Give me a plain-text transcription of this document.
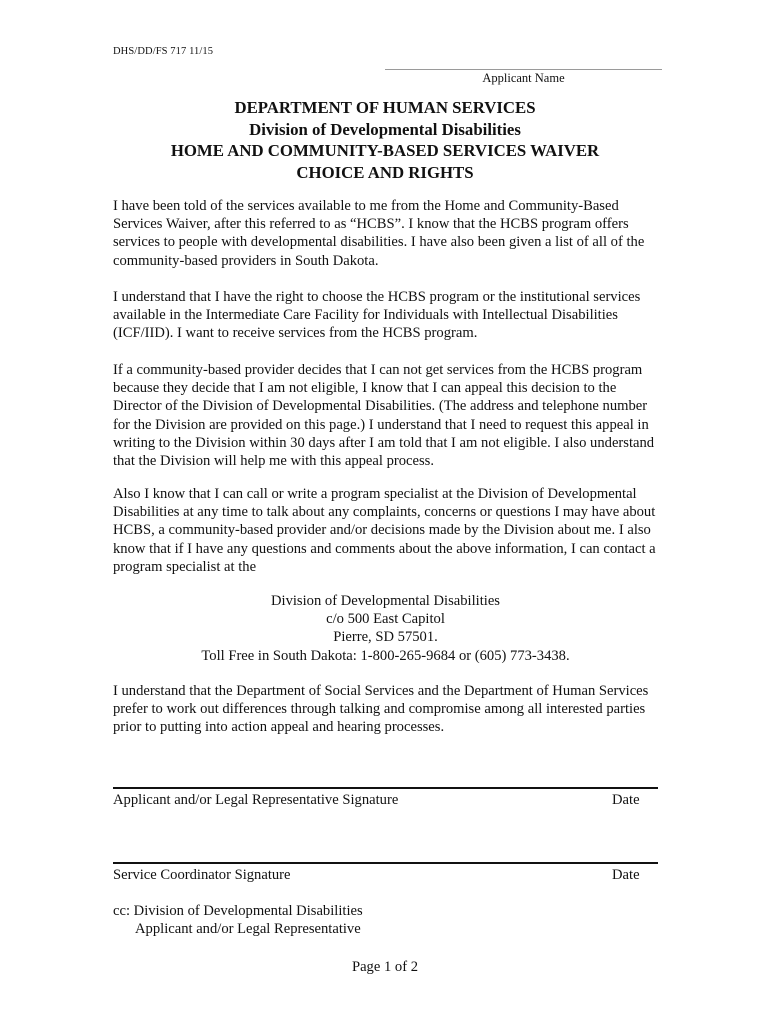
DHS/DD/FS 717 11/15
Applicant Name
DEPARTMENT OF HUMAN SERVICES
Division of Developmental Disabilities
HOME AND COMMUNITY-BASED SERVICES WAIVER
CHOICE AND RIGHTS

I have been told of the services available to me from the Home and Community-Based Services Waiver, after this referred to as “HCBS”. I know that the HCBS program offers services to people with developmental disabilities. I have also been given a list of all of the community-based providers in South Dakota.

I understand that I have the right to choose the HCBS program or the institutional services available in the Intermediate Care Facility for Individuals with Intellectual Disabilities (ICF/IID). I want to receive services from the HCBS program.

If a community-based provider decides that I can not get services from the HCBS program because they decide that I am not eligible, I know that I can appeal this decision to the Director of the Division of Developmental Disabilities. (The address and telephone number for the Division are provided on this page.) I understand that I need to request this appeal in writing to the Division within 30 days after I am told that I am not eligible. I also understand that the Division will help me with this appeal process.

Also I know that I can call or write a program specialist at the Division of Developmental Disabilities at any time to talk about any complaints, concerns or questions I may have about HCBS, a community-based provider and/or decisions made by the Division about me. I also know that if I have any questions and comments about the above information, I can contact a program specialist at the

Division of Developmental Disabilities
c/o 500 East Capitol
Pierre, SD 57501.
Toll Free in South Dakota: 1-800-265-9684 or (605) 773-3438.

I understand that the Department of Social Services and the Department of Human Services prefer to work out differences through talking and compromise among all interested parties prior to putting into action appeal and hearing processes.

Applicant and/or Legal Representative Signature	Date
Service Coordinator Signature	Date
cc: Division of Developmental Disabilities
Applicant and/or Legal Representative
Page 1 of 2
